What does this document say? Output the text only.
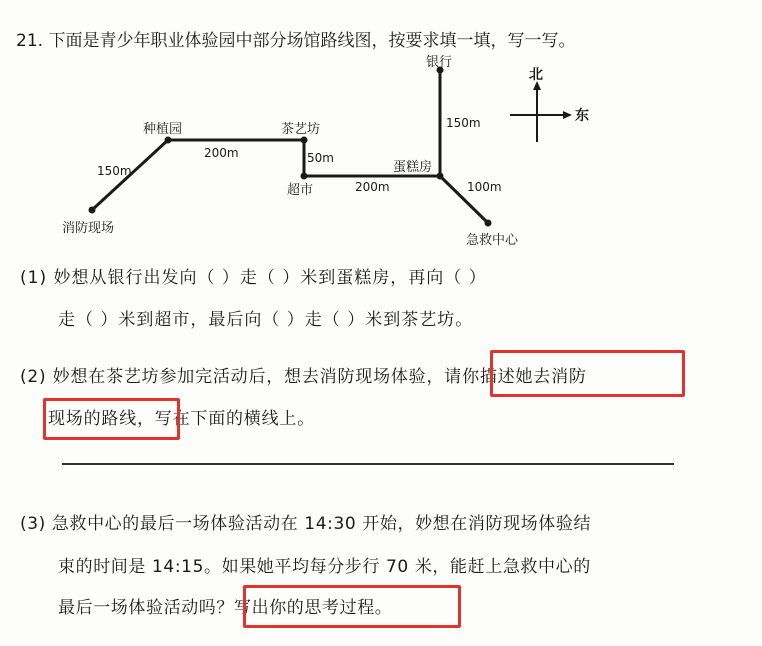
21. 下面是青少年职业体验园中部分场馆路线图，按要求填一填，写一写。
银行
种植园	茶艺坊
超市
蛋糕房
消防现场
急救中心
150m
200m	50m
200m
150m
100m
北
东
(1) 妙想从银行出发向（ ）走（ ）米到蛋糕房，再向（ ）
走（ ）米到超市，最后向（ ）走（ ）米到茶艺坊。
(2) 妙想在茶艺坊参加完活动后，想去消防现场体验，请你描述她去消防
现场的路线，写在下面的横线上。
(3) 急救中心的最后一场体验活动在 14:30 开始，妙想在消防现场体验结
束的时间是 14:15。如果她平均每分步行 70 米，能赶上急救中心的
最后一场体验活动吗？写出你的思考过程。
